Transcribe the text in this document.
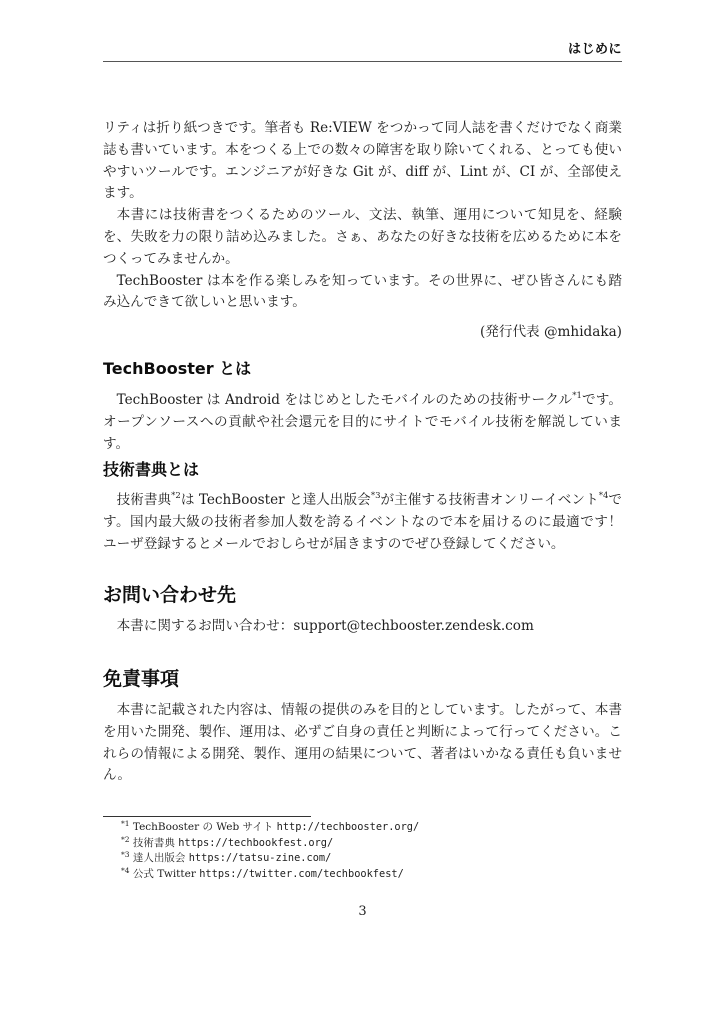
はじめに

リティは折り紙つきです。筆者も Re:VIEW をつかって同人誌を書くだけでなく商業誌も書いています。本をつくる上での数々の障害を取り除いてくれる、とっても使いやすいツールです。エンジニアが好きな Git が、diff が、Lint が、CI が、全部使えます。

本書には技術書をつくるためのツール、文法、執筆、運用について知見を、経験を、失敗を力の限り詰め込みました。さぁ、あなたの好きな技術を広めるために本をつくってみませんか。

TechBooster は本を作る楽しみを知っています。その世界に、ぜひ皆さんにも踏み込んできて欲しいと思います。

(発行代表 @mhidaka)

TechBooster とは

TechBooster は Android をはじめとしたモバイルのための技術サークル$^{*1}$です。オープンソースへの貢献や社会還元を目的にサイトでモバイル技術を解説しています。

技術書典とは

技術書典$^{*2}$は TechBooster と達人出版会$^{*3}$が主催する技術書オンリーイベント$^{*4}$です。国内最大級の技術者参加人数を誇るイベントなので本を届けるのに最適です！ ユーザ登録するとメールでおしらせが届きますのでぜひ登録してください。

お問い合わせ先

本書に関するお問い合わせ：support@techbooster.zendesk.com

免責事項

本書に記載された内容は、情報の提供のみを目的としています。したがって、本書を用いた開発、製作、運用は、必ずご自身の責任と判断によって行ってください。これらの情報による開発、製作、運用の結果について、著者はいかなる責任も負いません。

$^{*1}$ TechBooster の Web サイト http://techbooster.org/
$^{*2}$ 技術書典 https://techbookfest.org/
$^{*3}$ 達人出版会 https://tatsu-zine.com/
$^{*4}$ 公式 Twitter https://twitter.com/techbookfest/
3
